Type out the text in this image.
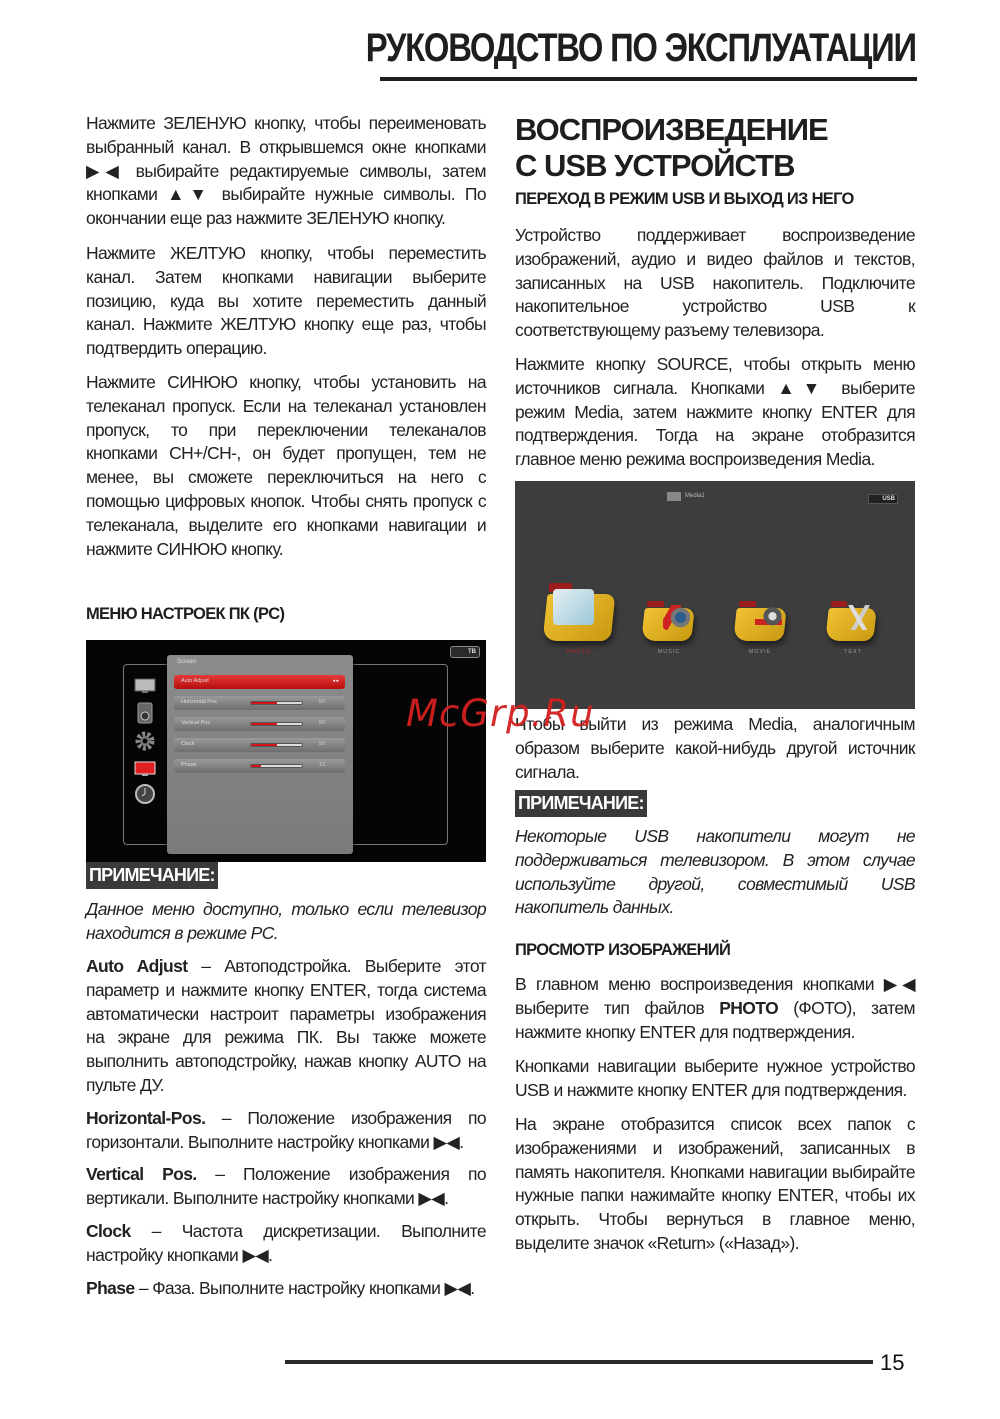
РУКОВОДСТВО ПО ЭКСПЛУАТАЦИИ
Нажмите ЗЕЛЕНУЮ кнопку, чтобы переименовать выбранный канал. В открывшемся окне кнопками ▶◀ выбирайте редактируемые символы, затем кнопками ▲▼ выбирайте нужные символы. По окончании еще раз нажмите ЗЕЛЕНУЮ кнопку.
Нажмите ЖЕЛТУЮ кнопку, чтобы переместить канал. Затем кнопками навигации выберите позицию, куда вы хотите переместить данный канал. Нажмите ЖЕЛТУЮ кнопку еще раз, чтобы подтвердить операцию.
Нажмите СИНЮЮ кнопку, чтобы установить на телеканал пропуск. Если на телеканал установлен пропуск, то при переключении телеканалов кнопками CH+/CH-, он будет пропущен, тем не менее, вы сможете переключиться на него с помощью цифровых кнопок. Чтобы снять пропуск с телеканала, выделите его кнопками навигации и нажмите СИНЮЮ кнопку.
МЕНЮ НАСТРОЕК ПК (PC)
Screen
Auto Adjust	◂ ▸
Horizontal Pos	50
Vertical Pos	50
Clock	50
Phase	13
TB
ПРИМЕЧАНИЕ:
Данное меню доступно, только если телевизор находится в режиме PC.
Auto Adjust – Автоподстройка. Выберите этот параметр и нажмите кнопку ENTER, тогда система автоматически настроит параметры изображения на экране для режима ПК. Вы также можете выполнить автоподстройку, нажав кнопку AUTO на пульте ДУ.
Horizontal-Pos. – Положение изображения по горизонтали. Выполните настройку кнопками ▶◀.
Vertical Pos. – Положение изображения по вертикали. Выполните настройку кнопками ▶◀.
Clock – Частота дискретизации. Выполните настройку кнопками ▶◀.
Phase – Фаза. Выполните настройку кнопками ▶◀.
ВОСПРОИЗВЕДЕНИЕ
С USB УСТРОЙСТВ
ПЕРЕХОД В РЕЖИМ USB И ВЫХОД ИЗ НЕГО
Устройство поддерживает воспроизведение изображений, аудио и видео файлов и текстов, записанных на USB накопитель. Подключите накопительное устройство USB к соответствующему разъему телевизора.
Нажмите кнопку SOURCE, чтобы открыть меню источников сигнала. Кнопками ▲▼ выберите режим Media, затем нажмите кнопку ENTER для подтверждения. Тогда на экране отобразится главное меню режима воспроизведения Media.
Media1	USB
PHOTO	MUSIC	MOVIE	TEXT
Чтобы выйти из режима Media, аналогичным образом выберите какой-нибудь другой источник сигнала.
ПРИМЕЧАНИЕ:
Некоторые USB накопители могут не поддерживаться телевизором. В этом случае используйте другой, совместимый USB накопитель данных.
ПРОСМОТР ИЗОБРАЖЕНИЙ
В главном меню воспроизведения кнопками ▶◀ выберите тип файлов PHOTO (ФОТО), затем нажмите кнопку ENTER для подтверждения.
Кнопками навигации выберите нужное устройство USB и нажмите кнопку ENTER для подтверждения.
На экране отобразится список всех папок с изображениями и изображений, записанных в память накопителя. Кнопками навигации выбирайте нужные папки нажимайте кнопку ENTER, чтобы их открыть. Чтобы вернуться в главное меню, выделите значок «Return» («Назад»).
McGrp.Ru
15
